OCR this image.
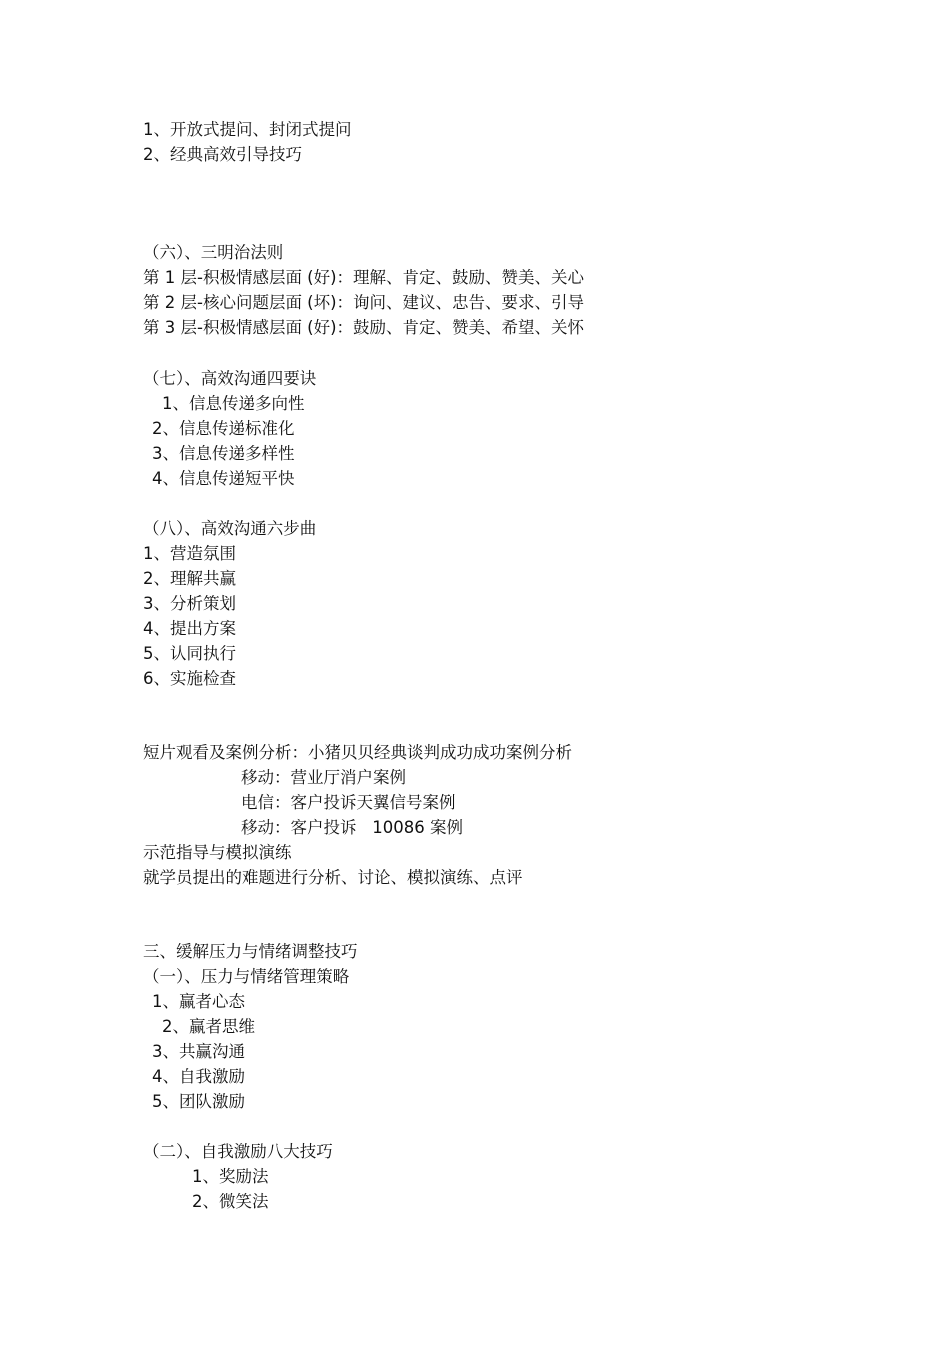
1、开放式提问、封闭式提问
2、经典高效引导技巧
（六）、三明治法则
第 1 层-积极情感层面 (好)：理解、肯定、鼓励、赞美、关心
第 2 层-核心问题层面 (坏)：询问、建议、忠告、要求、引导
第 3 层-积极情感层面 (好)：鼓励、肯定、赞美、希望、关怀
（七）、高效沟通四要诀
1、信息传递多向性
2、信息传递标准化
3、信息传递多样性
4、信息传递短平快
（八）、高效沟通六步曲
1、营造氛围
2、理解共赢
3、分析策划
4、提出方案
5、认同执行
6、实施检查
短片观看及案例分析：小猪贝贝经典谈判成功成功案例分析
移动：营业厅消户案例
电信：客户投诉天翼信号案例
移动：客户投诉   10086 案例
示范指导与模拟演练
就学员提出的难题进行分析、讨论、模拟演练、点评
三、缓解压力与情绪调整技巧
（一）、压力与情绪管理策略
1、赢者心态
2、赢者思维
3、共赢沟通
4、自我激励
5、团队激励
（二）、自我激励八大技巧
1、奖励法
2、微笑法
